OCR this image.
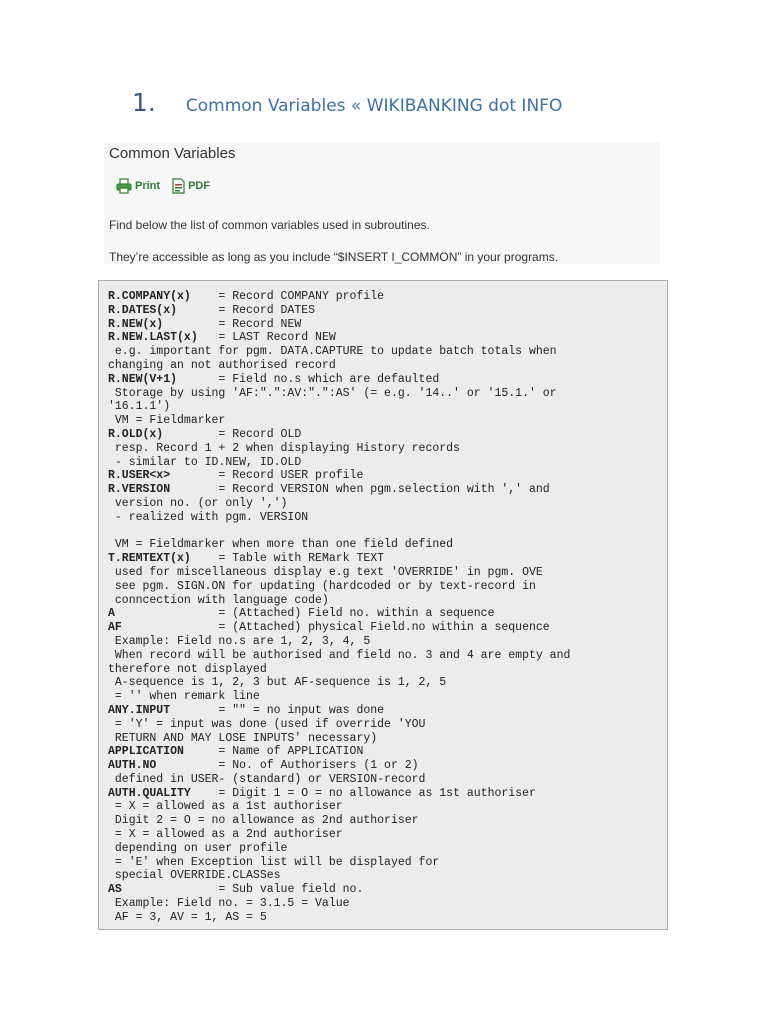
1. Common Variables « WIKIBANKING dot INFO
Common Variables
Print	PDF
Find below the list of common variables used in subroutines.
They’re accessible as long as you include “$INSERT I_COMMON” in your programs.
R.COMPANY(x)    = Record COMPANY profile
R.DATES(x)      = Record DATES
R.NEW(x)        = Record NEW
R.NEW.LAST(x)   = LAST Record NEW
e.g. important for pgm. DATA.CAPTURE to update batch totals when
changing an not authorised record
R.NEW(V+1)      = Field no.s which are defaulted
Storage by using 'AF:".":AV:".":AS' (= e.g. '14..' or '15.1.' or
'16.1.1')
VM = Fieldmarker
R.OLD(x)        = Record OLD
resp. Record 1 + 2 when displaying History records
- similar to ID.NEW, ID.OLD
R.USER<x>       = Record USER profile
R.VERSION       = Record VERSION when pgm.selection with ',' and
version no. (or only ',')
- realized with pgm. VERSION
VM = Fieldmarker when more than one field defined
T.REMTEXT(x)    = Table with REMark TEXT
used for miscellaneous display e.g text 'OVERRIDE' in pgm. OVE
see pgm. SIGN.ON for updating (hardcoded or by text-record in
conncection with language code)
A               = (Attached) Field no. within a sequence
AF              = (Attached) physical Field.no within a sequence
Example: Field no.s are 1, 2, 3, 4, 5
When record will be authorised and field no. 3 and 4 are empty and
therefore not displayed
A-sequence is 1, 2, 3 but AF-sequence is 1, 2, 5
= '' when remark line
ANY.INPUT       = "" = no input was done
= 'Y' = input was done (used if override 'YOU
RETURN AND MAY LOSE INPUTS' necessary)
APPLICATION     = Name of APPLICATION
AUTH.NO         = No. of Authorisers (1 or 2)
defined in USER- (standard) or VERSION-record
AUTH.QUALITY    = Digit 1 = O = no allowance as 1st authoriser
= X = allowed as a 1st authoriser
Digit 2 = O = no allowance as 2nd authoriser
= X = allowed as a 2nd authoriser
depending on user profile
= 'E' when Exception list will be displayed for
special OVERRIDE.CLASSes
AS              = Sub value field no.
Example: Field no. = 3.1.5 = Value
AF = 3, AV = 1, AS = 5
